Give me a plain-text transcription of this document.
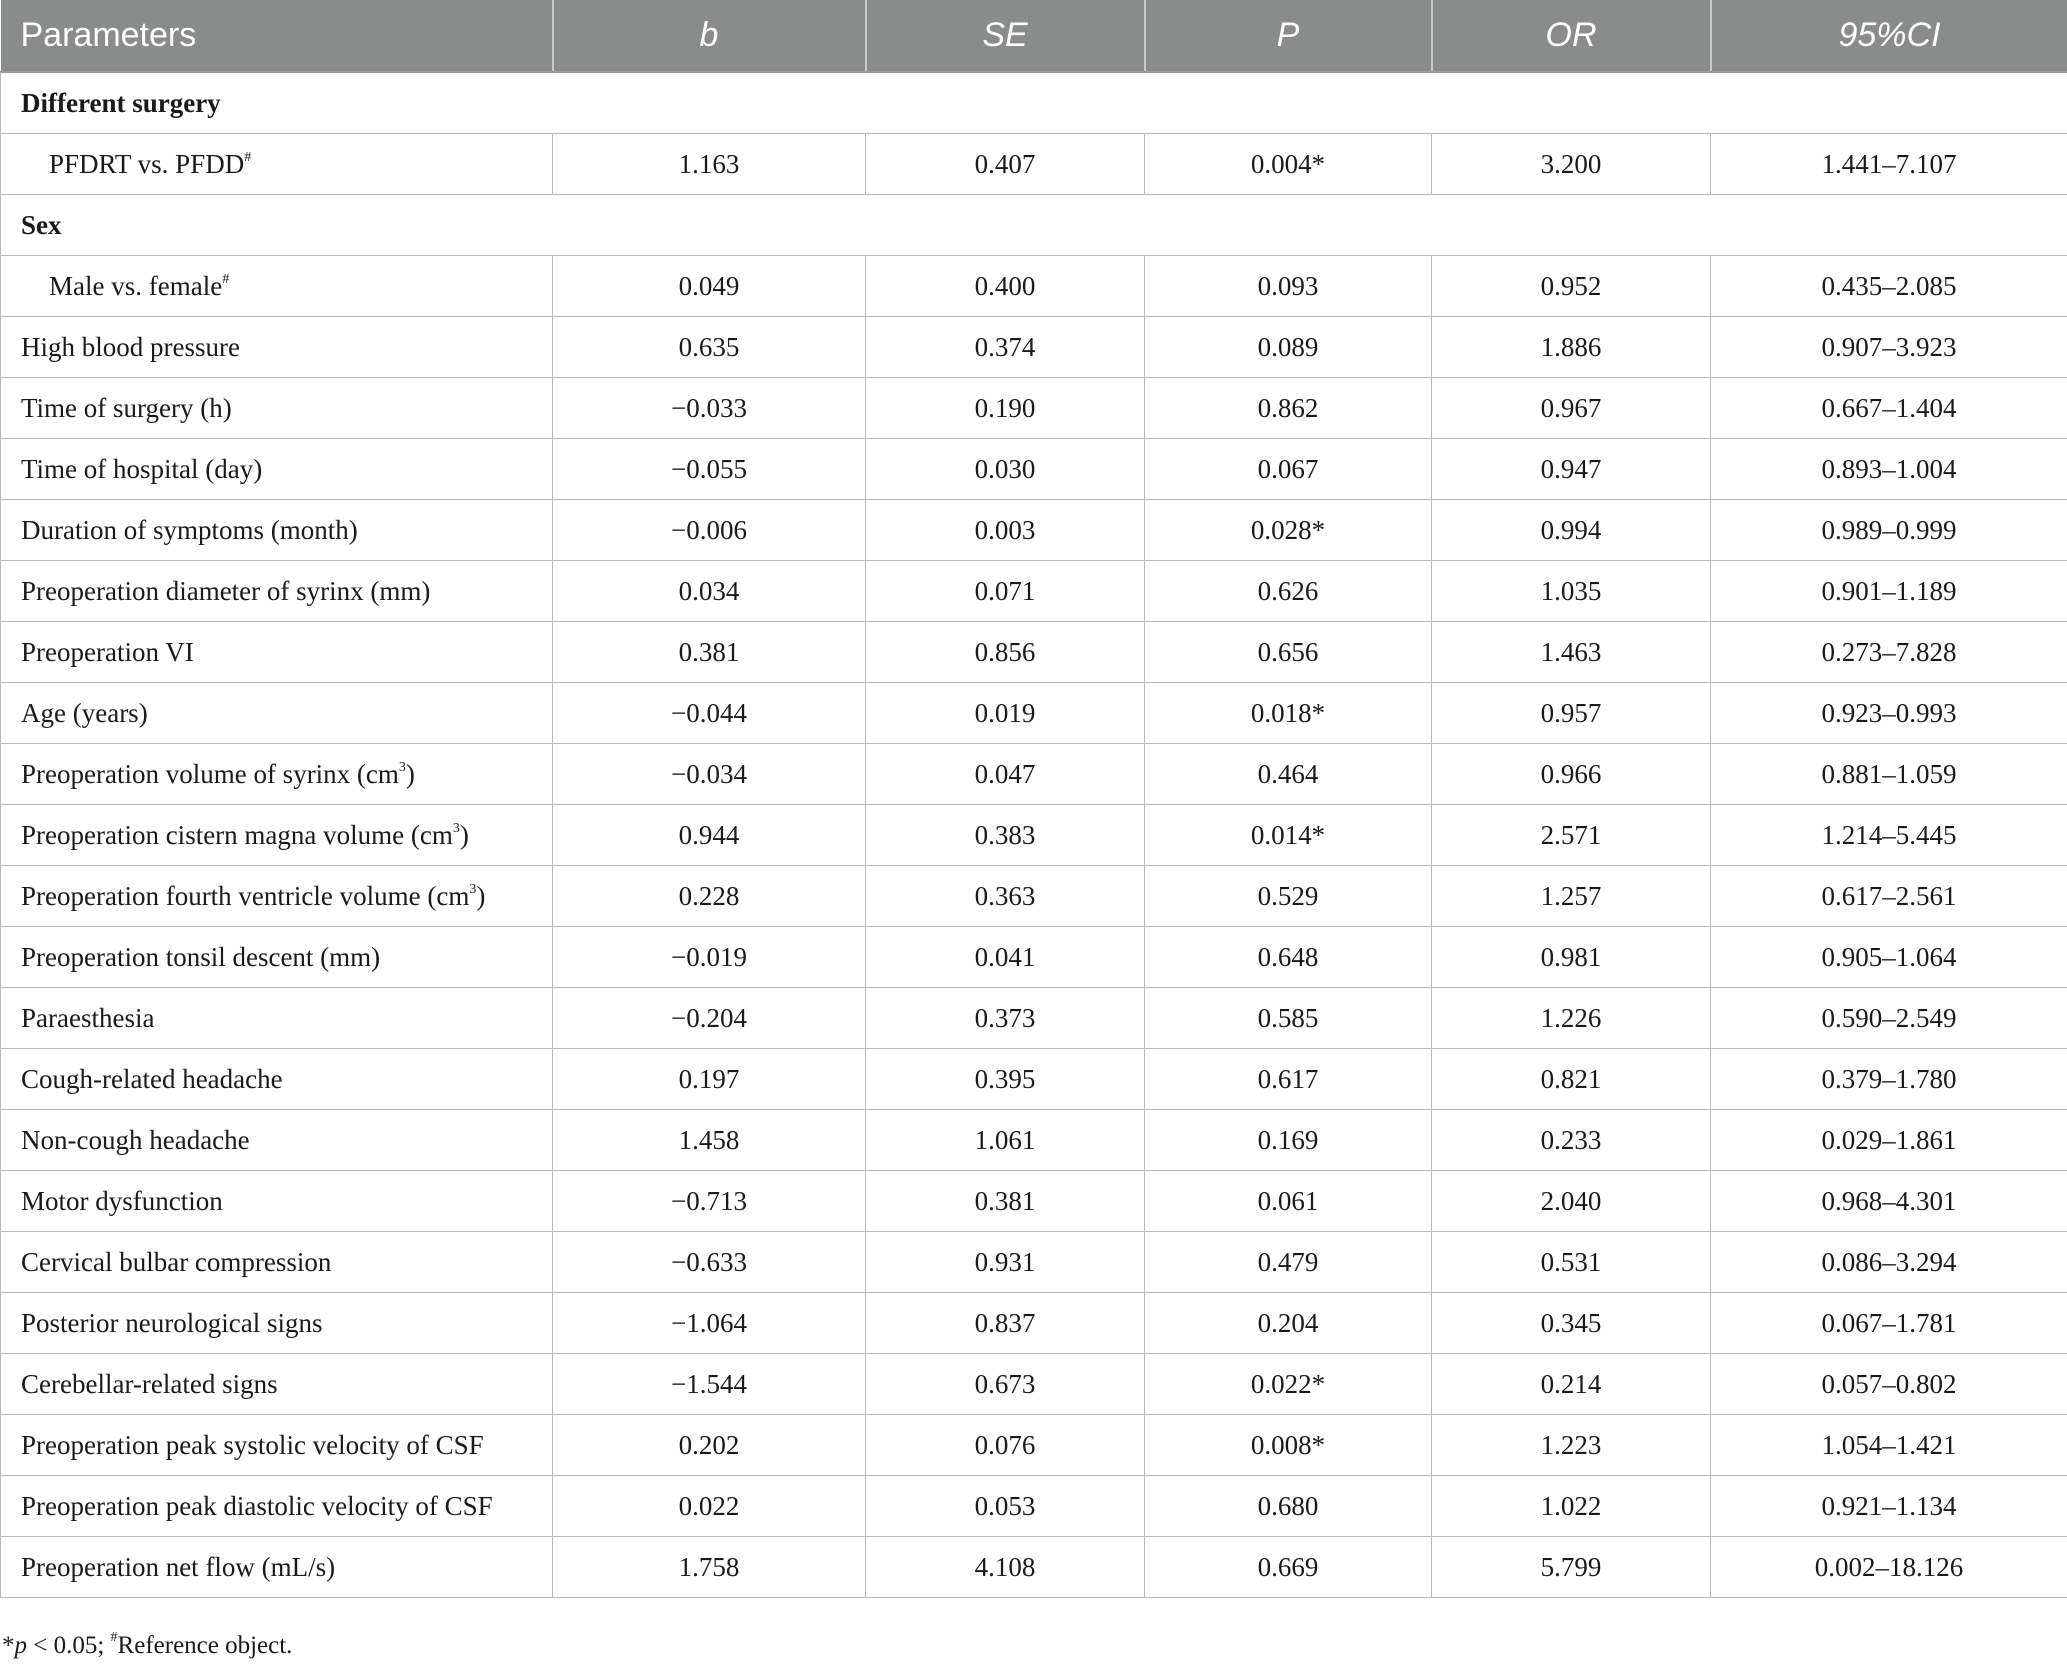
Parameters	b	SE	P	OR	95%CI
Different surgery					
PFDRT vs. PFDD#	1.163	0.407	0.004*	3.200	1.441–7.107
Sex					
Male vs. female#	0.049	0.400	0.093	0.952	0.435–2.085
High blood pressure	0.635	0.374	0.089	1.886	0.907–3.923
Time of surgery (h)	−0.033	0.190	0.862	0.967	0.667–1.404
Time of hospital (day)	−0.055	0.030	0.067	0.947	0.893–1.004
Duration of symptoms (month)	−0.006	0.003	0.028*	0.994	0.989–0.999
Preoperation diameter of syrinx (mm)	0.034	0.071	0.626	1.035	0.901–1.189
Preoperation VI	0.381	0.856	0.656	1.463	0.273–7.828
Age (years)	−0.044	0.019	0.018*	0.957	0.923–0.993
Preoperation volume of syrinx $(cm^3)$	−0.034	0.047	0.464	0.966	0.881–1.059
Preoperation cistern magna volume $(cm^3)$	0.944	0.383	0.014*	2.571	1.214–5.445
Preoperation fourth ventricle volume $(cm^3)$	0.228	0.363	0.529	1.257	0.617–2.561
Preoperation tonsil descent (mm)	−0.019	0.041	0.648	0.981	0.905–1.064
Paraesthesia	−0.204	0.373	0.585	1.226	0.590–2.549
Cough-related headache	0.197	0.395	0.617	0.821	0.379–1.780
Non-cough headache	1.458	1.061	0.169	0.233	0.029–1.861
Motor dysfunction	−0.713	0.381	0.061	2.040	0.968–4.301
Cervical bulbar compression	−0.633	0.931	0.479	0.531	0.086–3.294
Posterior neurological signs	−1.064	0.837	0.204	0.345	0.067–1.781
Cerebellar-related signs	−1.544	0.673	0.022*	0.214	0.057–0.802
Preoperation peak systolic velocity of CSF	0.202	0.076	0.008*	1.223	1.054–1.421
Preoperation peak diastolic velocity of CSF	0.022	0.053	0.680	1.022	0.921–1.134
Preoperation net flow (mL/s)	1.758	4.108	0.669	5.799	0.002–18.126
*p < 0.05; #Reference object.
